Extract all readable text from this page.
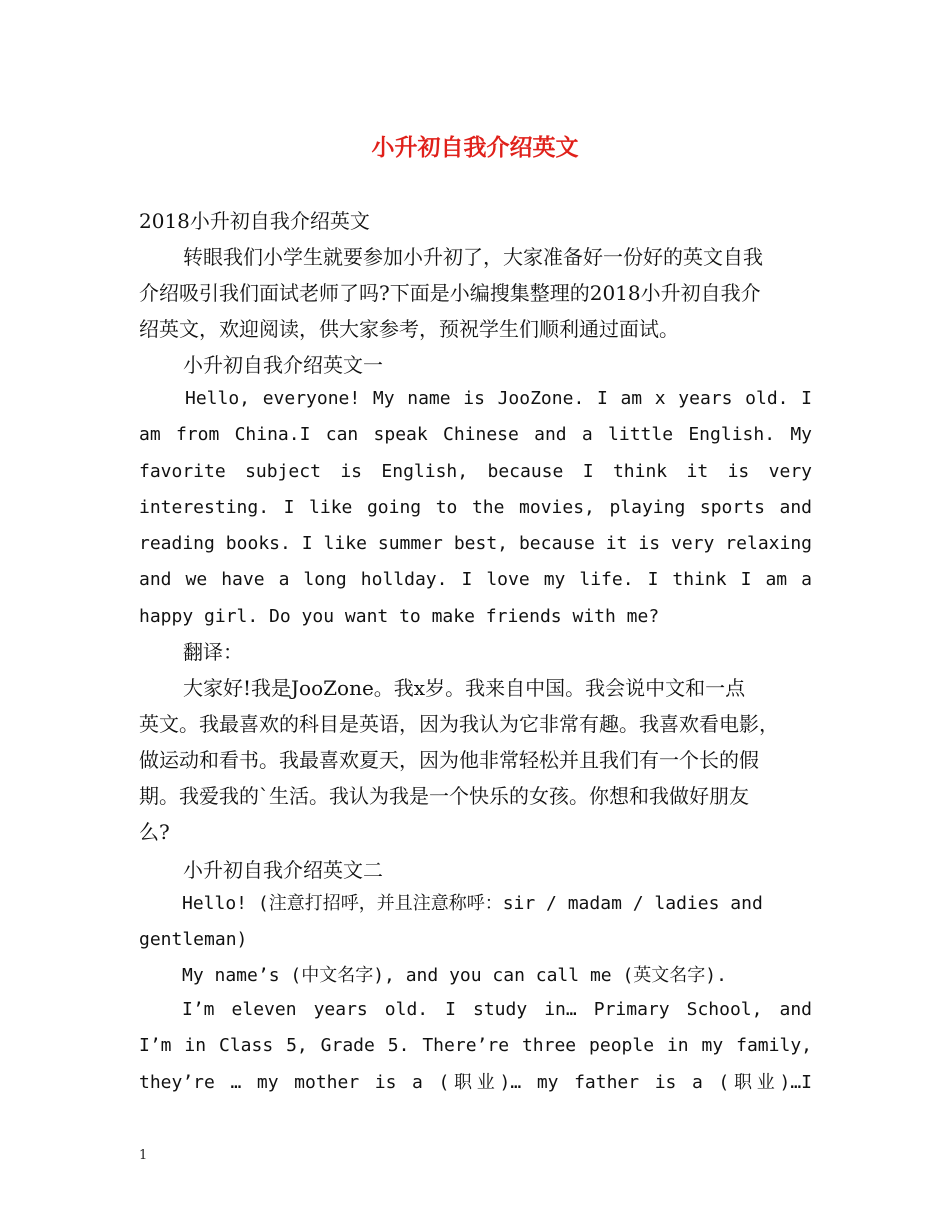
小升初自我介绍英文
2018小升初自我介绍英文
转眼我们小学生就要参加小升初了，大家准备好一份好的英文自我
介绍吸引我们面试老师了吗?下面是小编搜集整理的2018小升初自我介
绍英文，欢迎阅读，供大家参考，预祝学生们顺利通过面试。
小升初自我介绍英文一
Hello, everyone! My name is JooZone. I am x years old. I
am from China.I can speak Chinese and a little English. My
favorite subject is English, because I think it is very
interesting. I like going to the movies, playing sports and
reading books. I like summer best, because it is very relaxing
and we have a long hollday. I love my life. I think I am a
happy girl. Do you want to make friends with me?
翻译：
大家好!我是JooZone。我x岁。我来自中国。我会说中文和一点
英文。我最喜欢的科目是英语，因为我认为它非常有趣。我喜欢看电影，
做运动和看书。我最喜欢夏天，因为他非常轻松并且我们有一个长的假
期。我爱我的`生活。我认为我是一个快乐的女孩。你想和我做好朋友
么?
小升初自我介绍英文二
Hello! (注意打招呼，并且注意称呼：sir / madam / ladies and
gentleman)
My name’s (中文名字), and you can call me (英文名字).
I’m eleven years old. I study in… Primary School, and
I’m in Class 5, Grade 5. There’re three people in my family,
they’re … my mother is a (职业)… my father is a (职业)…I
1
